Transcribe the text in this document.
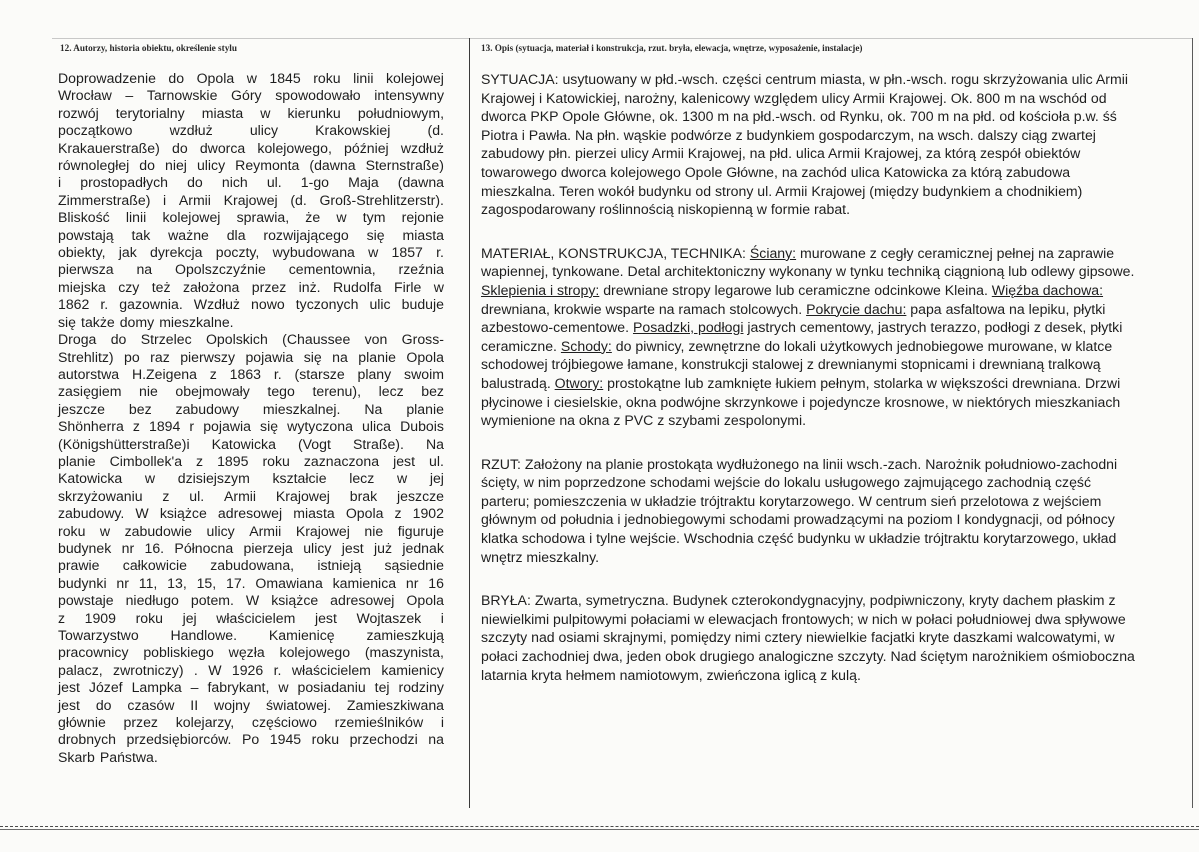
12. Autorzy, historia obiektu, określenie stylu	13. Opis (sytuacja, materiał i konstrukcja, rzut. bryła, elewacja, wnętrze, wyposażenie, instalacje)
Doprowadzenie do Opola w 1845 roku linii kolejowej
Wrocław – Tarnowskie Góry spowodowało intensywny
rozwój terytorialny miasta w kierunku południowym,
początkowo	wzdłuż	ulicy	Krakowskiej	(d.
Krakauerstraße) do dworca kolejowego, później wzdłuż
równoległej do niej ulicy Reymonta (dawna Sternstraße)
i prostopadłych do nich ul. 1-go Maja (dawna
Zimmerstraße) i Armii Krajowej (d. Groß-Strehlitzerstr).
Bliskość linii kolejowej sprawia, że w tym rejonie
powstają tak ważne dla rozwijającego się miasta
obiekty, jak dyrekcja poczty, wybudowana w 1857 r.
pierwsza na Opolszczyźnie cementownia, rzeźnia
miejska czy też założona przez inż. Rudolfa Firle w
1862 r. gazownia. Wzdłuż nowo tyczonych ulic buduje
się także domy mieszkalne.
Droga do Strzelec Opolskich (Chaussee von Gross-
Strehlitz) po raz pierwszy pojawia się na planie Opola
autorstwa H.Zeigena z 1863 r. (starsze plany swoim
zasięgiem nie obejmowały tego terenu), lecz bez
jeszcze bez zabudowy mieszkalnej. Na planie
Shönherra z 1894 r pojawia się wytyczona ulica Dubois
(Königshütterstraße)i Katowicka (Vogt Straße). Na
planie Cimbollek'a z 1895 roku zaznaczona jest ul.
Katowicka w dzisiejszym kształcie lecz w jej
skrzyżowaniu z ul. Armii Krajowej brak jeszcze
zabudowy. W książce adresowej miasta Opola z 1902
roku w zabudowie ulicy Armii Krajowej nie figuruje
budynek nr 16. Północna pierzeja ulicy jest już jednak
prawie całkowicie zabudowana, istnieją sąsiednie
budynki nr 11, 13, 15, 17. Omawiana kamienica nr 16
powstaje niedługo potem. W książce adresowej Opola
z 1909 roku jej właścicielem jest Wojtaszek i
Towarzystwo Handlowe. Kamienicę zamieszkują
pracownicy pobliskiego węzła kolejowego (maszynista,
palacz, zwrotniczy) . W 1926 r. właścicielem kamienicy
jest Józef Lampka – fabrykant, w posiadaniu tej rodziny
jest do czasów II wojny światowej. Zamieszkiwana
głównie przez kolejarzy, częściowo rzemieślników i
drobnych przedsiębiorców. Po 1945 roku przechodzi na
Skarb Państwa.

SYTUACJA: usytuowany w płd.-wsch. części centrum miasta, w płn.-wsch. rogu skrzyżowania ulic Armii Krajowej i Katowickiej, narożny, kalenicowy względem ulicy Armii Krajowej. Ok. 800 m na wschód od dworca PKP Opole Główne, ok. 1300 m na płd.-wsch. od Rynku, ok. 700 m na płd. od kościoła p.w. śś Piotra i Pawła. Na płn. wąskie podwórze z budynkiem gospodarczym, na wsch. dalszy ciąg zwartej zabudowy płn. pierzei ulicy Armii Krajowej, na płd. ulica Armii Krajowej, za którą zespół obiektów towarowego dworca kolejowego Opole Główne, na zachód ulica Katowicka za którą zabudowa mieszkalna. Teren wokół budynku od strony ul. Armii Krajowej (między budynkiem a chodnikiem) zagospodarowany roślinnością niskopienną w formie rabat.

MATERIAŁ, KONSTRUKCJA, TECHNIKA: Ściany: murowane z cegły ceramicznej pełnej na zaprawie wapiennej, tynkowane. Detal architektoniczny wykonany w tynku techniką ciągnioną lub odlewy gipsowe. Sklepienia i stropy: drewniane stropy legarowe lub ceramiczne odcinkowe Kleina. Więźba dachowa: drewniana, krokwie wsparte na ramach stolcowych. Pokrycie dachu: papa asfaltowa na lepiku, płytki azbestowo-cementowe. Posadzki, podłogi jastrych cementowy, jastrych terazzo, podłogi z desek, płytki ceramiczne. Schody: do piwnicy, zewnętrzne do lokali użytkowych jednobiegowe murowane, w klatce schodowej trójbiegowe łamane, konstrukcji stalowej z drewnianymi stopnicami i drewnianą tralkową balustradą. Otwory: prostokątne lub zamknięte łukiem pełnym, stolarka w większości drewniana. Drzwi płycinowe i ciesielskie, okna podwójne skrzynkowe i pojedyncze krosnowe, w niektórych mieszkaniach wymienione na okna z PVC z szybami zespolonymi.

RZUT: Założony na planie prostokąta wydłużonego na linii wsch.-zach. Narożnik południowo-zachodni ścięty, w nim poprzedzone schodami wejście do lokalu usługowego zajmującego zachodnią część parteru; pomieszczenia w układzie trójtraktu korytarzowego. W centrum sień przelotowa z wejściem głównym od południa i jednobiegowymi schodami prowadzącymi na poziom I kondygnacji, od północy klatka schodowa i tylne wejście. Wschodnia część budynku w układzie trójtraktu korytarzowego, układ wnętrz mieszkalny.

BRYŁA: Zwarta, symetryczna. Budynek czterokondygnacyjny, podpiwniczony, kryty dachem płaskim z niewielkimi pulpitowymi połaciami w elewacjach frontowych; w nich w połaci południowej dwa spływowe szczyty nad osiami skrajnymi, pomiędzy nimi cztery niewielkie facjatki kryte daszkami walcowatymi, w połaci zachodniej dwa, jeden obok drugiego analogiczne szczyty. Nad ściętym narożnikiem ośmioboczna latarnia kryta hełmem namiotowym, zwieńczona iglicą z kulą.
